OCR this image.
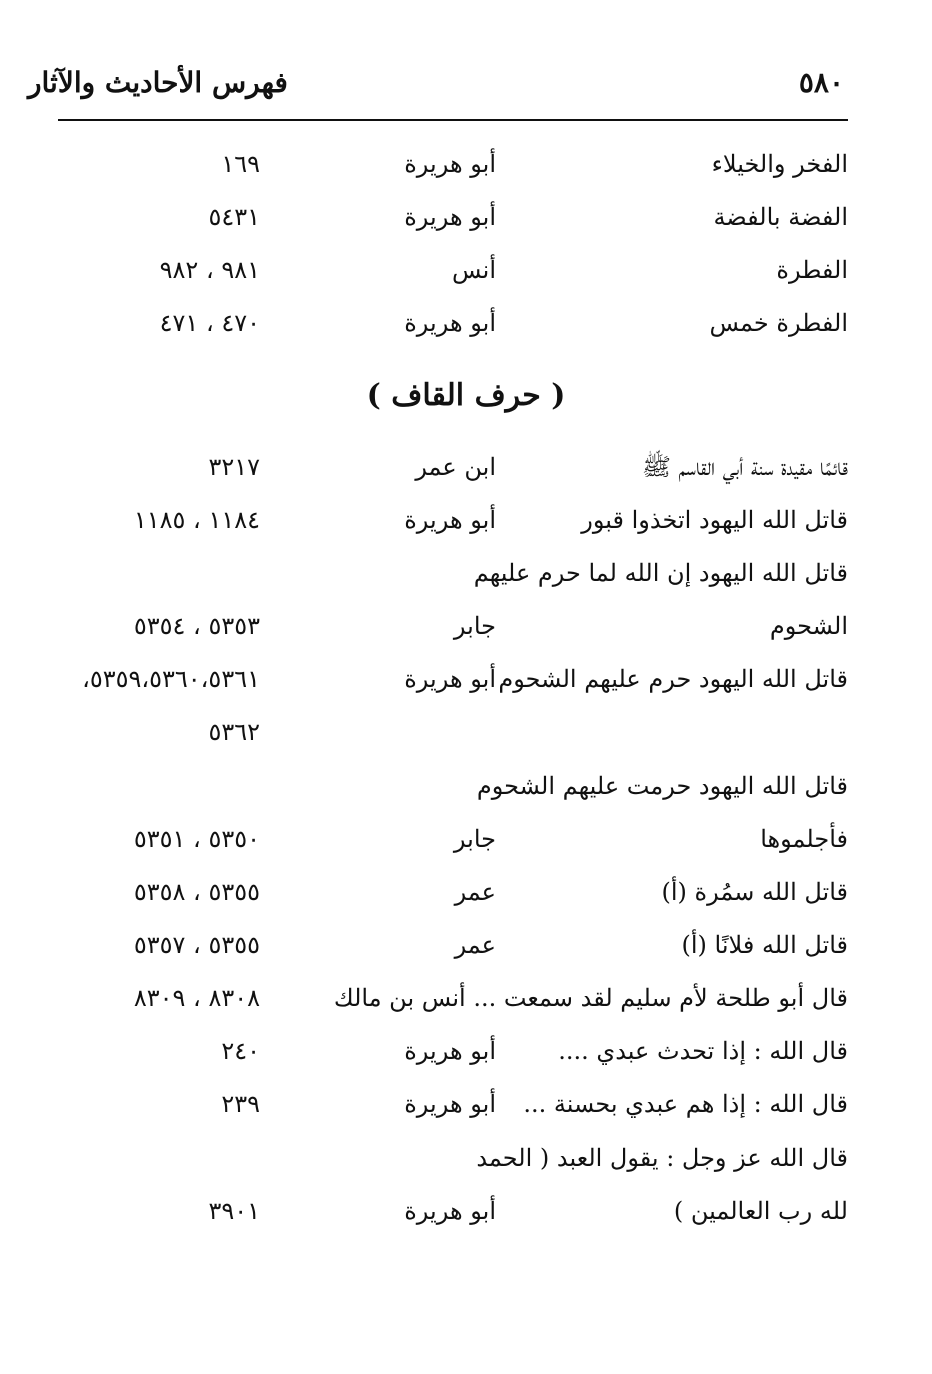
٥٨٠
فهرس الأحاديث والآثار
( حرف القاف )
الفخر والخيلاء
أبو هريرة
١٦٩
الفضة بالفضة
أبو هريرة
٥٤٣١
الفطرة
أنس
٩٨١ ، ٩٨٢
الفطرة خمس
أبو هريرة
٤٧٠ ، ٤٧١
قائمًا مقيدة سنة أبي القاسم ﷺ
ابن عمر
٣٢١٧
قاتل الله اليهود اتخذوا قبور
أبو هريرة
١١٨٤ ، ١١٨٥
قاتل الله اليهود إن الله لما حرم عليهم
الشحوم
جابر
٥٣٥٣ ، ٥٣٥٤
قاتل الله اليهود حرم عليهم الشحوم
أبو هريرة
٥٣٥٩،٥٣٦٠،٥٣٦١،
٥٣٦٢
قاتل الله اليهود حرمت عليهم الشحوم
فأجلموها
جابر
٥٣٥٠ ، ٥٣٥١
قاتل الله سمُرة (أ)
عمر
٥٣٥٥ ، ٥٣٥٨
قاتل الله فلانًا (أ)
عمر
٥٣٥٥ ، ٥٣٥٧
قال أبو طلحة لأم سليم لقد سمعت ... أنس بن مالك
٨٣٠٨ ، ٨٣٠٩
قال الله : إذا تحدث عبدي ....
أبو هريرة
٢٤٠
قال الله : إذا هم عبدي بحسنة ...
أبو هريرة
٢٣٩
قال الله عز وجل : يقول العبد ( الحمد
لله رب العالمين )
أبو هريرة
٣٩٠١
